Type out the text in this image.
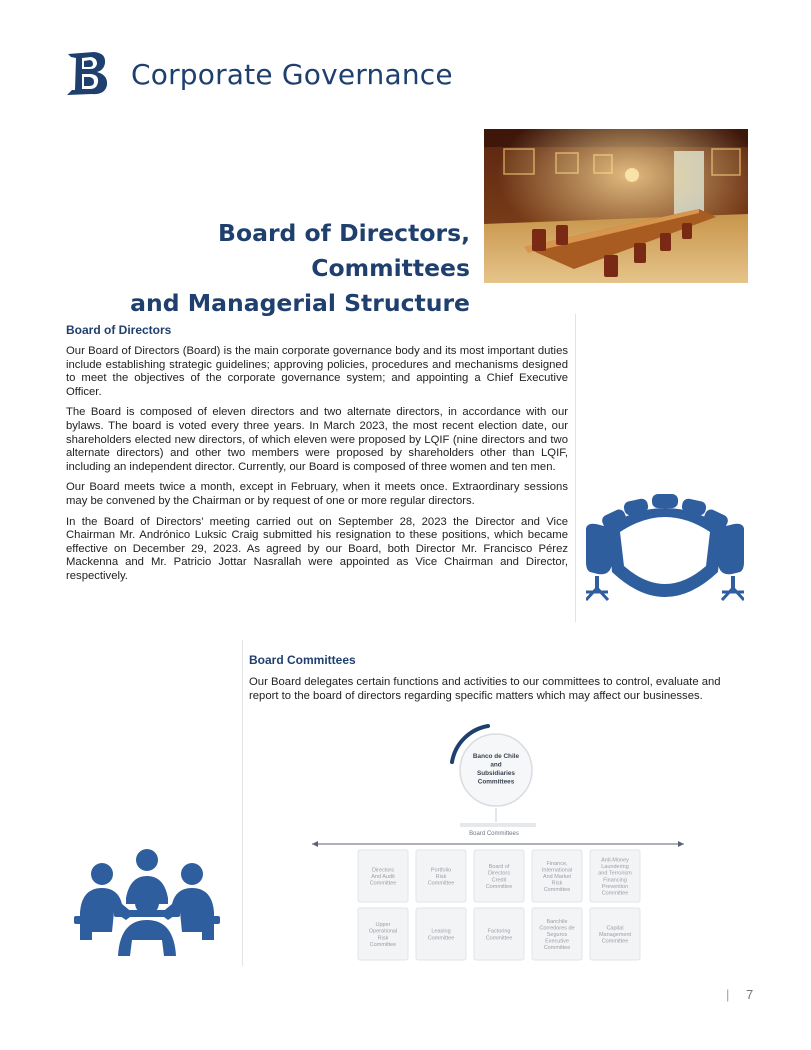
Corporate Governance
Board of Directors, Committees
and Managerial Structure
Board of Directors

Our Board of Directors (Board) is the main corporate governance body and its most important duties include establishing strategic guidelines; approving policies, procedures and mechanisms designed to meet the objectives of the corporate governance system; and appointing a Chief Executive Officer.

The Board is composed of eleven directors and two alternate directors, in accordance with our bylaws. The board is voted every three years. In March 2023, the most recent election date, our shareholders elected new directors, of which eleven were proposed by LQIF (nine directors and two alternate directors) and other two members were proposed by shareholders other than LQIF, including an independent director. Currently, our Board is composed of three women and ten men.

Our Board meets twice a month, except in February, when it meets once. Extraordinary sessions may be convened by the Chairman or by request of one or more regular directors.

In the Board of Directors’ meeting carried out on September 28, 2023 the Director and Vice Chairman Mr. Andrónico Luksic Craig submitted his resignation to these positions, which became effective on December 29, 2023. As agreed by our Board, both Director Mr. Francisco Pérez Mackenna and Mr. Patricio Jottar Nasrallah were appointed as Vice Chairman and Director, respectively.

Board Committees

Our Board delegates certain functions and activities to our committees to control, evaluate and report to the board of directors regarding specific matters which may affect our businesses.

Banco de Chile
and
Subsidiaries
Committees
Board Committees
Directors
And Audit
Committee
Portfolio
Risk
Committee
Board of
Directors
Credit
Committee
Finance,
International
And Market
Risk
Committee
Anti-Money
Laundering
and Terrorism
Financing
Prevention
Committee
Upper
Operational
Risk
Committee
Leasing
Committee
Factoring
Committee
Banchile
Corredores de
Seguros
Executive
Committee
Capital
Management
Committee
| 7
